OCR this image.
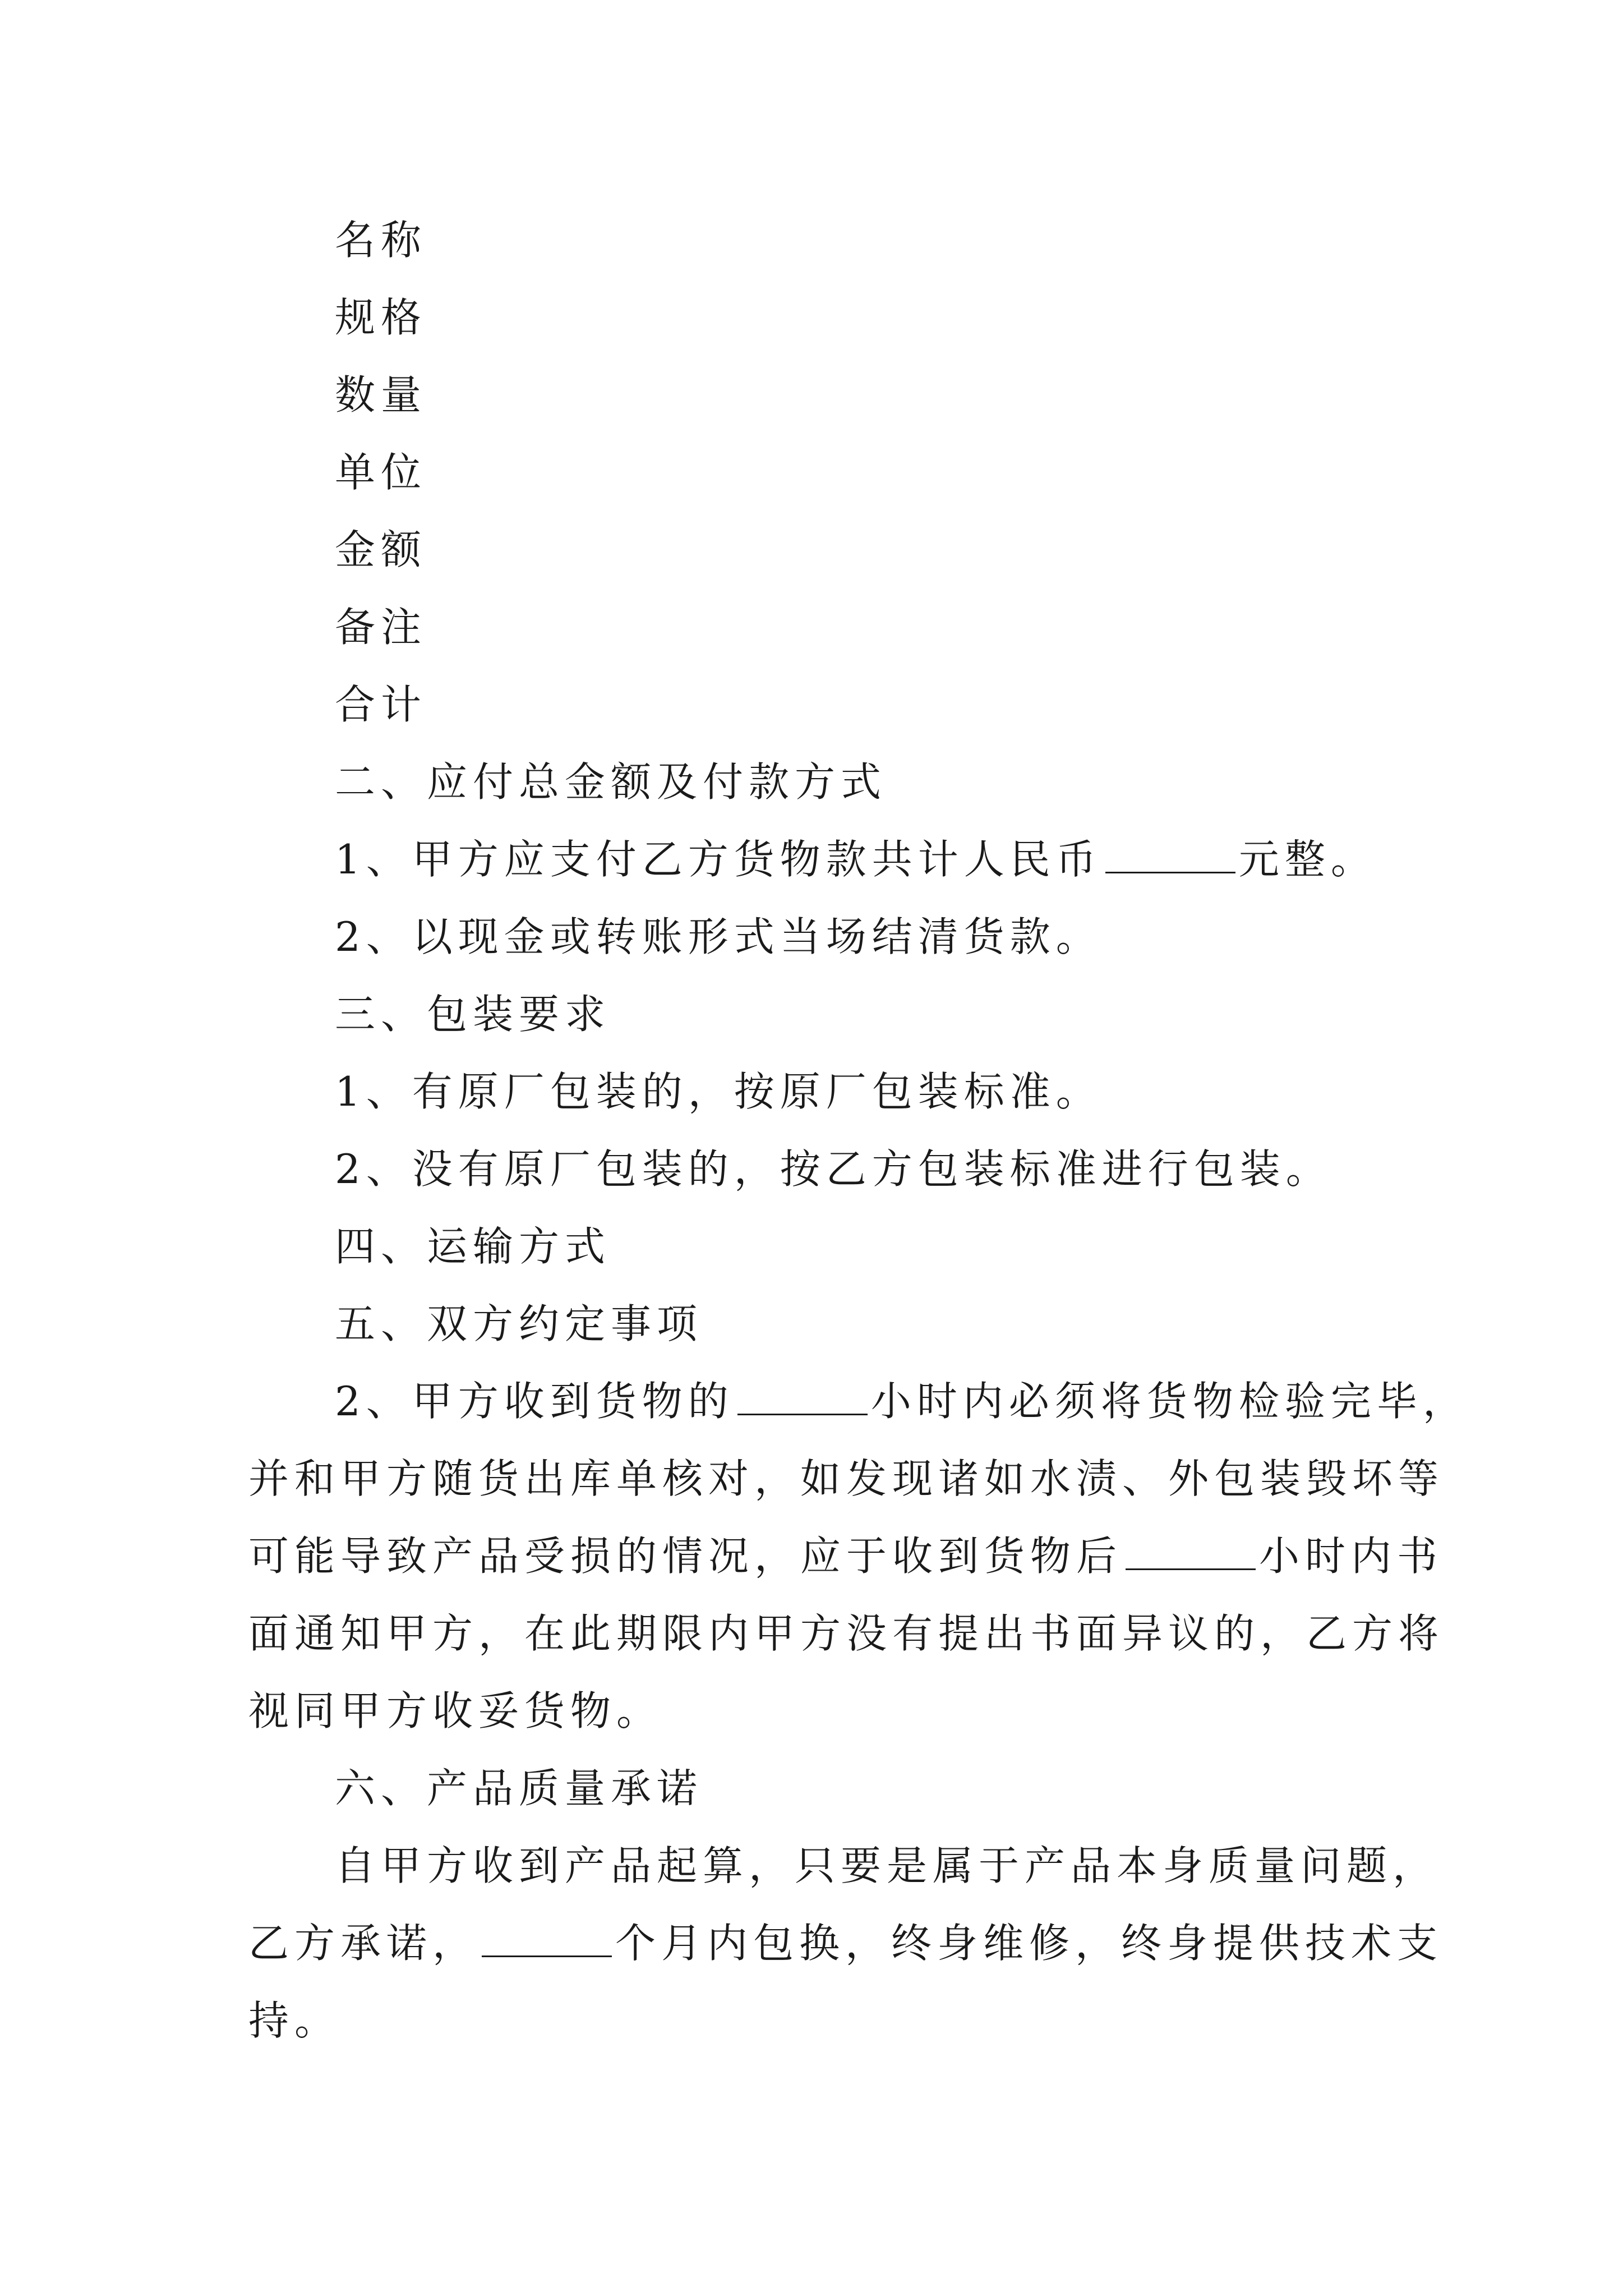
名称
规格
数量
单位
金额
备注
合计
二、应付总金额及付款方式
1、甲方应支付乙方货物款共计人民币	元整。
2、以现金或转账形式当场结清货款。
三、包装要求
1、有原厂包装的，按原厂包装标准。
2、没有原厂包装的，按乙方包装标准进行包装。
四、运输方式
五、双方约定事项
2、甲方收到货物的	小时内必须将货物检验完毕，
并和甲方随货出库单核对，如发现诸如水渍、外包装毁坏等
可能导致产品受损的情况，应于收到货物后	小时内书
面通知甲方，在此期限内甲方没有提出书面异议的，乙方将
视同甲方收妥货物。
六、产品质量承诺
自甲方收到产品起算，只要是属于产品本身质量问题，
乙方承诺，	个月内包换，终身维修，终身提供技术支
持。
